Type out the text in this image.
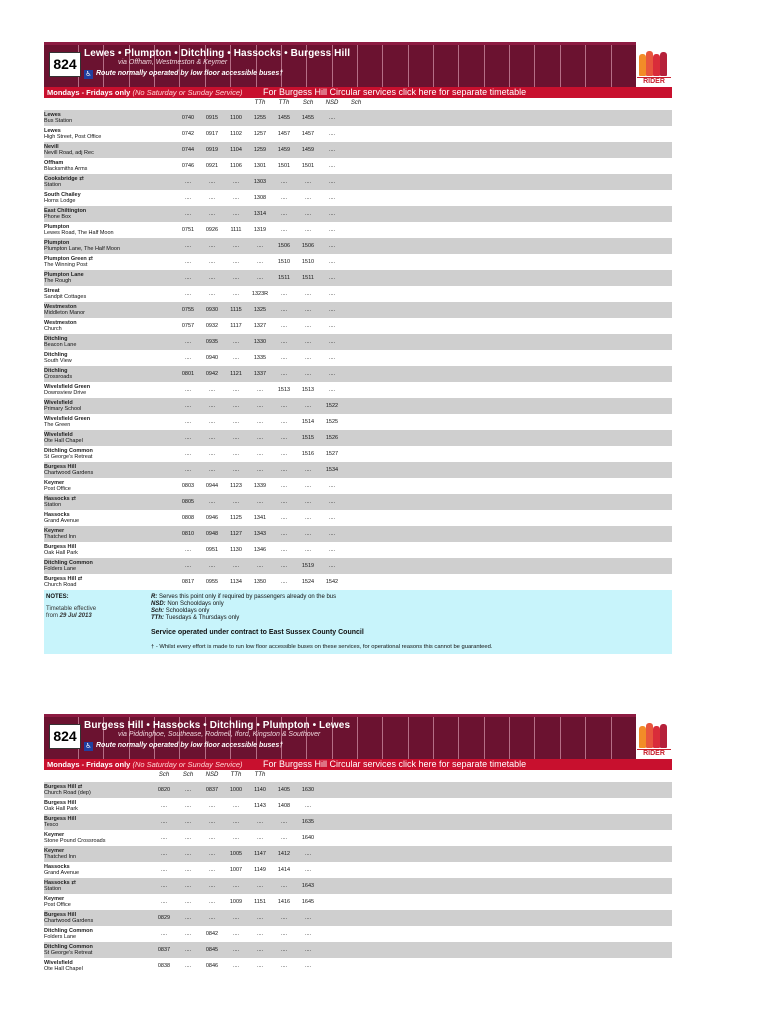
824
Lewes • Plumpton • Ditchling • Hassocks • Burgess Hill
via Offham, Westmeston & Keymer
♿ Route normally operated by low floor accessible buses†
RIDER
Mondays - Fridays only (No Saturday or Sunday Service) For Burgess Hill Circular services click here for separate timetable
TTh	TTh	Sch	NSD	Sch
Lewes
Bus Station		0740	0915	1100	1255	1455	1455	....	

Lewes
High Street, Post Office		0742	0917	1102	1257	1457	1457	....	

Nevill
Nevill Road, adj Rec		0744	0919	1104	1259	1459	1459	....	

Offham
Blacksmiths Arms		0746	0921	1106	1301	1501	1501	....	

Cooksbridge ⇄
Station		....	....	....	1303	....	....	....	

South Chailey
Horns Lodge		....	....	....	1308	....	....	....	

East Chiltington
Phone Box		....	....	....	1314	....	....	....	

Plumpton
Lewes Road, The Half Moon		0751	0926	1111	1319	....	....	....	

Plumpton
Plumpton Lane, The Half Moon		....	....	....	....	1506	1506	....	

Plumpton Green ⇄
The Winning Post		....	....	....	....	1510	1510	....	

Plumpton Lane
The Rough		....	....	....	....	1511	1511	....	

Streat
Sandpit Cottages		....	....	....	1323R	....	....	....	

Westmeston
Middleton Manor		0755	0930	1115	1325	....	....	....	

Westmeston
Church		0757	0932	1117	1327	....	....	....	

Ditchling
Beacon Lane		....	0935	....	1330	....	....	....	

Ditchling
South View		....	0940	....	1335	....	....	....	

Ditchling
Crossroads		0801	0942	1121	1337	....	....	....	

Wivelsfield Green
Downsview Drive		....	....	....	....	1513	1513	....	

Wivelsfield
Primary School		....	....	....	....	....	....	1522	

Wivelsfield Green
The Green		....	....	....	....	....	1514	1525	

Wivelsfield
Ote Hall Chapel		....	....	....	....	....	1515	1526	

Ditchling Common
St George's Retreat		....	....	....	....	....	1516	1527	

Burgess Hill
Chartwood Gardens		....	....	....	....	....	....	1534	

Keymer
Post Office		0803	0944	1123	1339	....	....	....	

Hassocks ⇄
Station		0805	....	....	....	....	....	....	

Hassocks
Grand Avenue		0808	0946	1125	1341	....	....	....	

Keymer
Thatched Inn		0810	0948	1127	1343	....	....	....	

Burgess Hill
Oak Hall Park		....	0951	1130	1346	....	....	....	

Ditchling Common
Folders Lane		....	....	....	....	....	1519	....	

Burgess Hill ⇄
Church Road		0817	0955	1134	1350	....	1524	1542	
NOTES:
Timetable effective
from 29 Jul 2013
R: Serves this point only if required by passengers already on the bus
NSD: Non Schooldays only
Sch: Schooldays only
TTh: Tuesdays & Thursdays only
Service operated under contract to East Sussex County Council
† - Whilst every effort is made to run low floor accessible buses on these services, for operational reasons this cannot be guaranteed.
824
Burgess Hill • Hassocks • Ditchling • Plumpton • Lewes
via Piddinghoe, Southease, Rodmell, Iford, Kingston & Southover
♿ Route normally operated by low floor accessible buses†
RIDER
Mondays - Fridays only (No Saturday or Sunday Service) For Burgess Hill Circular services click here for separate timetable
Sch	Sch	NSD	TTh	TTh
Burgess Hill ⇄
Church Road (dep)	0820	....	0837	1000	1140	1405	1630	

Burgess Hill
Oak Hall Park	....	....	....	....	1143	1408	....	

Burgess Hill
Tesco	....	....	....	....	....	....	1635	

Keymer
Stone Pound Crossroads	....	....	....	....	....	....	1640	

Keymer
Thatched Inn	....	....	....	1005	1147	1412	....	

Hassocks
Grand Avenue	....	....	....	1007	1149	1414	....	

Hassocks ⇄
Station	....	....	....	....	....	....	1643	

Keymer
Post Office	....	....	....	1009	1151	1416	1645	

Burgess Hill
Chartwood Gardens	0829	....	....	....	....	....	....	

Ditchling Common
Folders Lane	....	....	0842	....	....	....	....	

Ditchling Common
St George's Retreat	0837	....	0845	....	....	....	....	

Wivelsfield
Ote Hall Chapel	0838	....	0846	....	....	....	....	
